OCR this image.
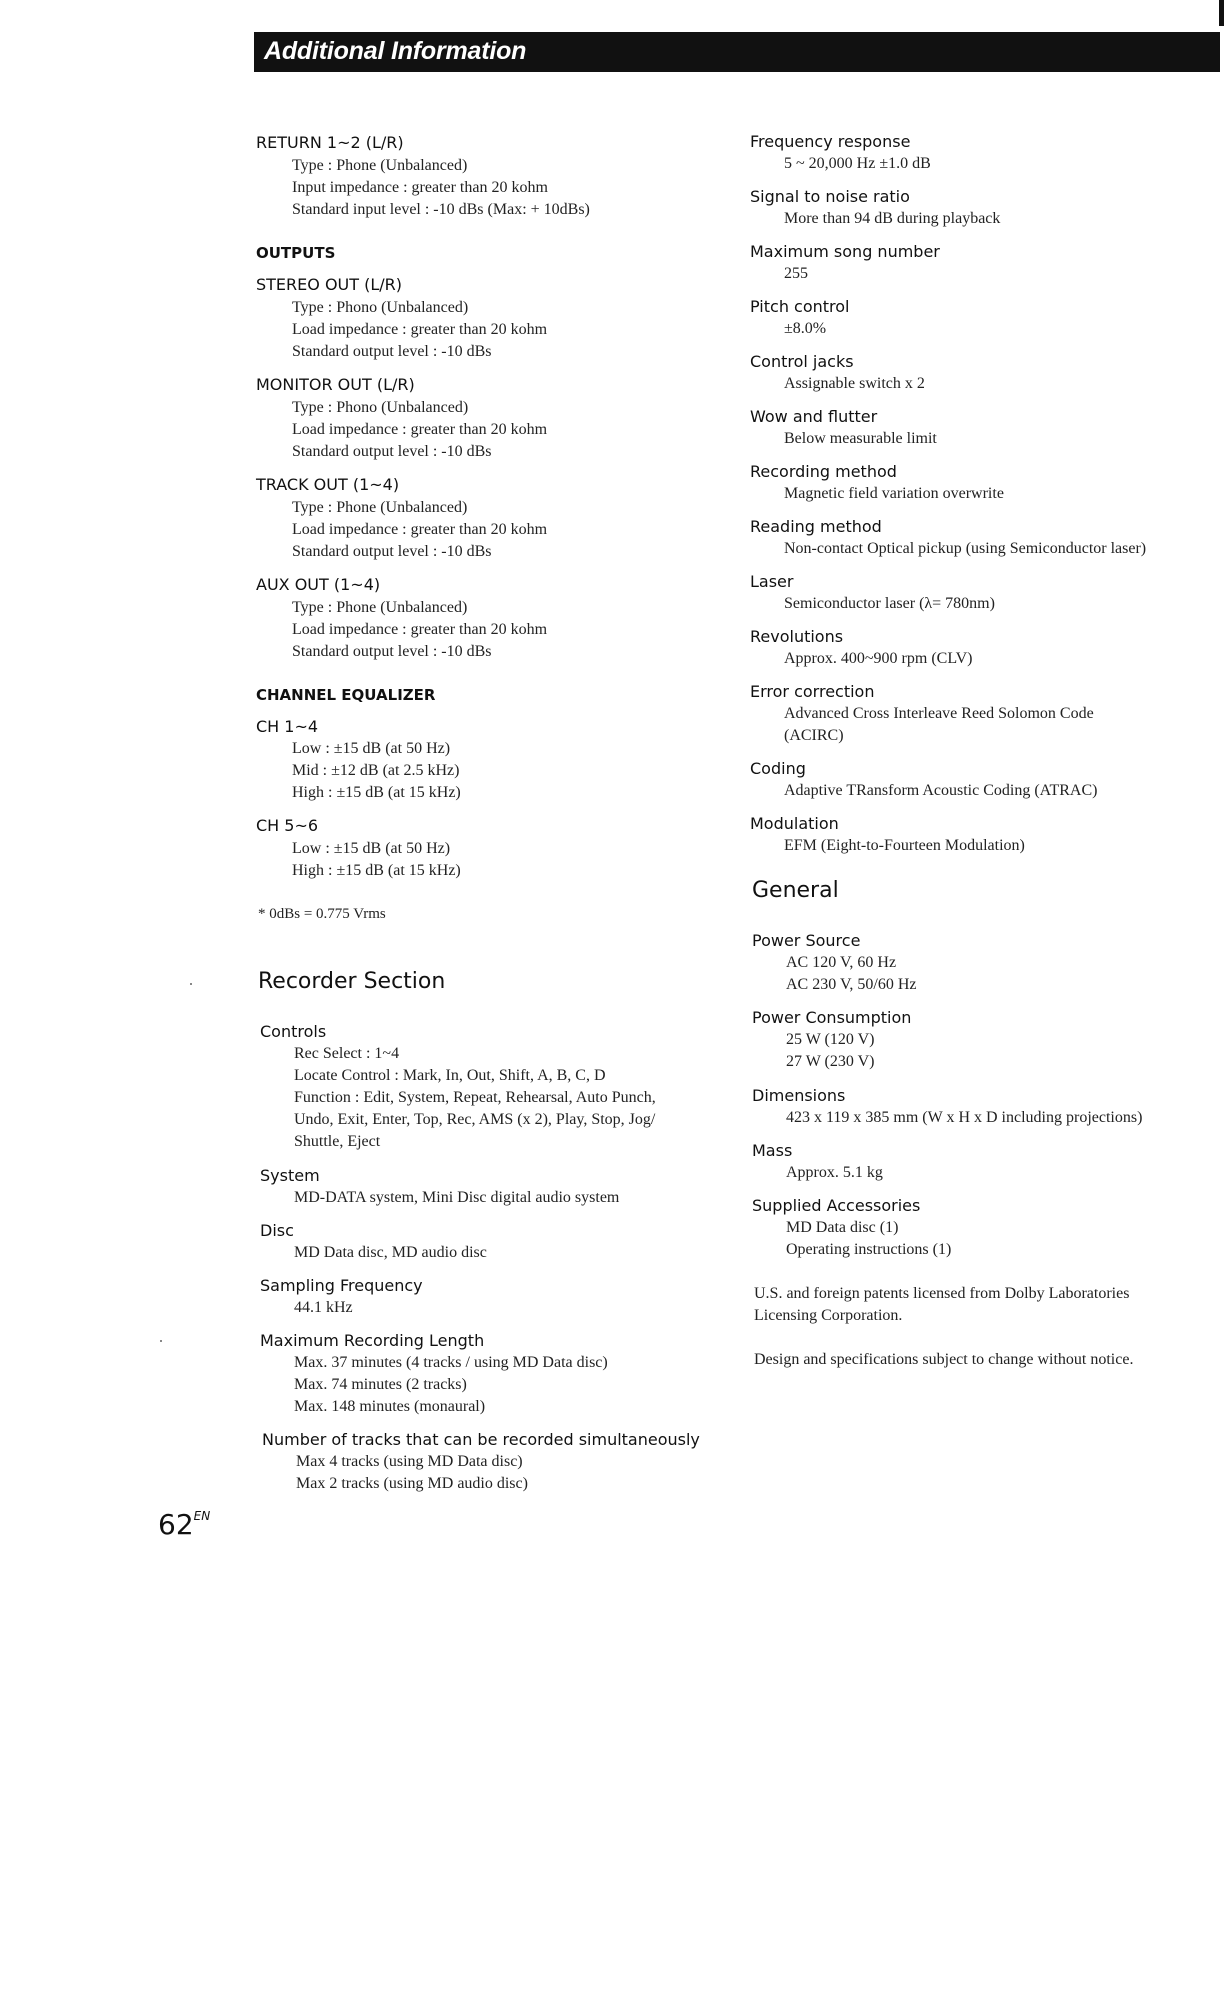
Additional Information
RETURN 1~2 (L/R)
Type : Phone (Unbalanced)
Input impedance : greater than 20 kohm
Standard input level : -10 dBs (Max: + 10dBs)
OUTPUTS
STEREO OUT (L/R)
Type : Phono (Unbalanced)
Load impedance : greater than 20 kohm
Standard output level : -10 dBs
MONITOR OUT (L/R)
Type : Phono (Unbalanced)
Load impedance : greater than 20 kohm
Standard output level : -10 dBs
TRACK OUT (1~4)
Type : Phone (Unbalanced)
Load impedance : greater than 20 kohm
Standard output level : -10 dBs
AUX OUT (1~4)
Type : Phone (Unbalanced)
Load impedance : greater than 20 kohm
Standard output level : -10 dBs
CHANNEL EQUALIZER
CH 1~4
Low : ±15 dB (at 50 Hz)
Mid : ±12 dB (at 2.5 kHz)
High : ±15 dB (at 15 kHz)
CH 5~6
Low : ±15 dB (at 50 Hz)
High : ±15 dB (at 15 kHz)
* 0dBs = 0.775 Vrms
Recorder Section
Controls
Rec Select : 1~4
Locate Control : Mark, In, Out, Shift, A, B, C, D
Function : Edit, System, Repeat, Rehearsal, Auto Punch,
Undo, Exit, Enter, Top, Rec, AMS (x 2), Play, Stop, Jog/
Shuttle, Eject
System
MD-DATA system, Mini Disc digital audio system
Disc
MD Data disc, MD audio disc
Sampling Frequency
44.1 kHz
Maximum Recording Length
Max. 37 minutes (4 tracks / using MD Data disc)
Max. 74 minutes (2 tracks)
Max. 148 minutes (monaural)
Number of tracks that can be recorded simultaneously
Max 4 tracks (using MD Data disc)
Max 2 tracks (using MD audio disc)
Frequency response
5 ~ 20,000 Hz ±1.0 dB
Signal to noise ratio
More than 94 dB during playback
Maximum song number
255
Pitch control
±8.0%
Control jacks
Assignable switch x 2
Wow and flutter
Below measurable limit
Recording method
Magnetic field variation overwrite
Reading method
Non-contact Optical pickup (using Semiconductor laser)
Laser
Semiconductor laser (λ= 780nm)
Revolutions
Approx. 400~900 rpm (CLV)
Error correction
Advanced Cross Interleave Reed Solomon Code
(ACIRC)
Coding
Adaptive TRansform Acoustic Coding (ATRAC)
Modulation
EFM (Eight-to-Fourteen Modulation)
General
Power Source
AC 120 V, 60 Hz
AC 230 V, 50/60 Hz
Power Consumption
25 W (120 V)
27 W (230 V)
Dimensions
423 x 119 x 385 mm (W x H x D including projections)
Mass
Approx. 5.1 kg
Supplied Accessories
MD Data disc (1)
Operating instructions (1)
U.S. and foreign patents licensed from Dolby Laboratories
Licensing Corporation.
Design and specifications subject to change without notice.
$62^{EN}$
